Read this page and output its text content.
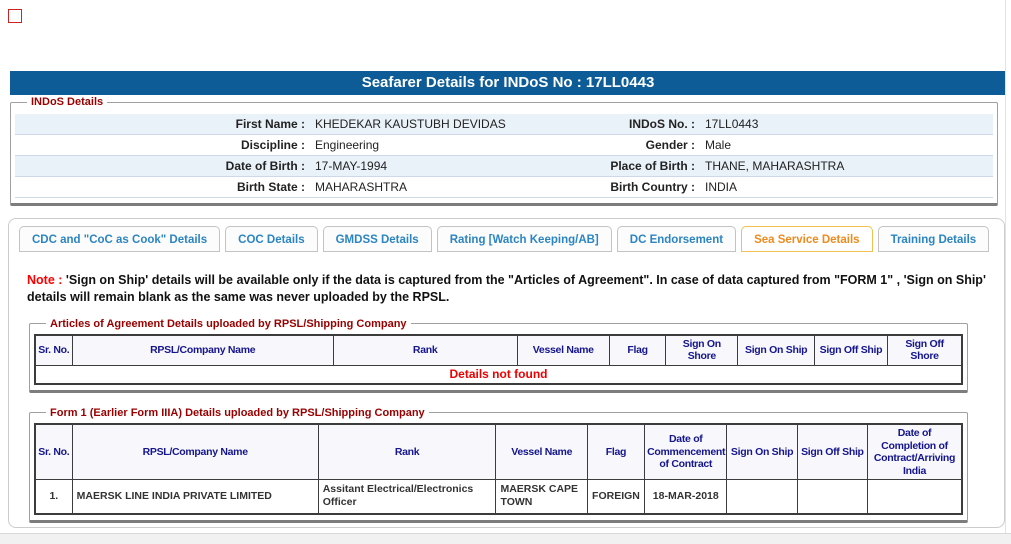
Seafarer Details for INDoS No : 17LL0443
INDoS Details
First Name : KHEDEKAR KAUSTUBH DEVIDAS	INDoS No. : 17LL0443
Discipline : Engineering	Gender : Male
Date of Birth : 17-MAY-1994	Place of Birth : THANE, MAHARASHTRA
Birth State : MAHARASHTRA	Birth Country : INDIA
CDC and "CoC as Cook" Details	COC Details	GMDSS Details	Rating [Watch Keeping/AB]	DC Endorsement	Sea Service Details	Training Details
Note : 'Sign on Ship' details will be available only if the data is captured from the "Articles of Agreement". In case of data captured from "FORM 1" , 'Sign on Ship' details will remain blank as the same was never uploaded by the RPSL.
Articles of Agreement Details uploaded by RPSL/Shipping Company
Sr. No.	RPSL/Company Name	Rank	Vessel Name	Flag	Sign On Shore	Sign On Ship	Sign Off Ship	Sign Off Shore
Details not found
Form 1 (Earlier Form IIIA) Details uploaded by RPSL/Shipping Company
Sr. No.	RPSL/Company Name	Rank	Vessel Name	Flag	Date of Commencement of Contract	Sign On Ship	Sign Off Ship	Date of Completion of Contract/Arriving India
1.	MAERSK LINE INDIA PRIVATE LIMITED	Assitant Electrical/Electronics Officer	MAERSK CAPE TOWN	FOREIGN	18-MAR-2018			
